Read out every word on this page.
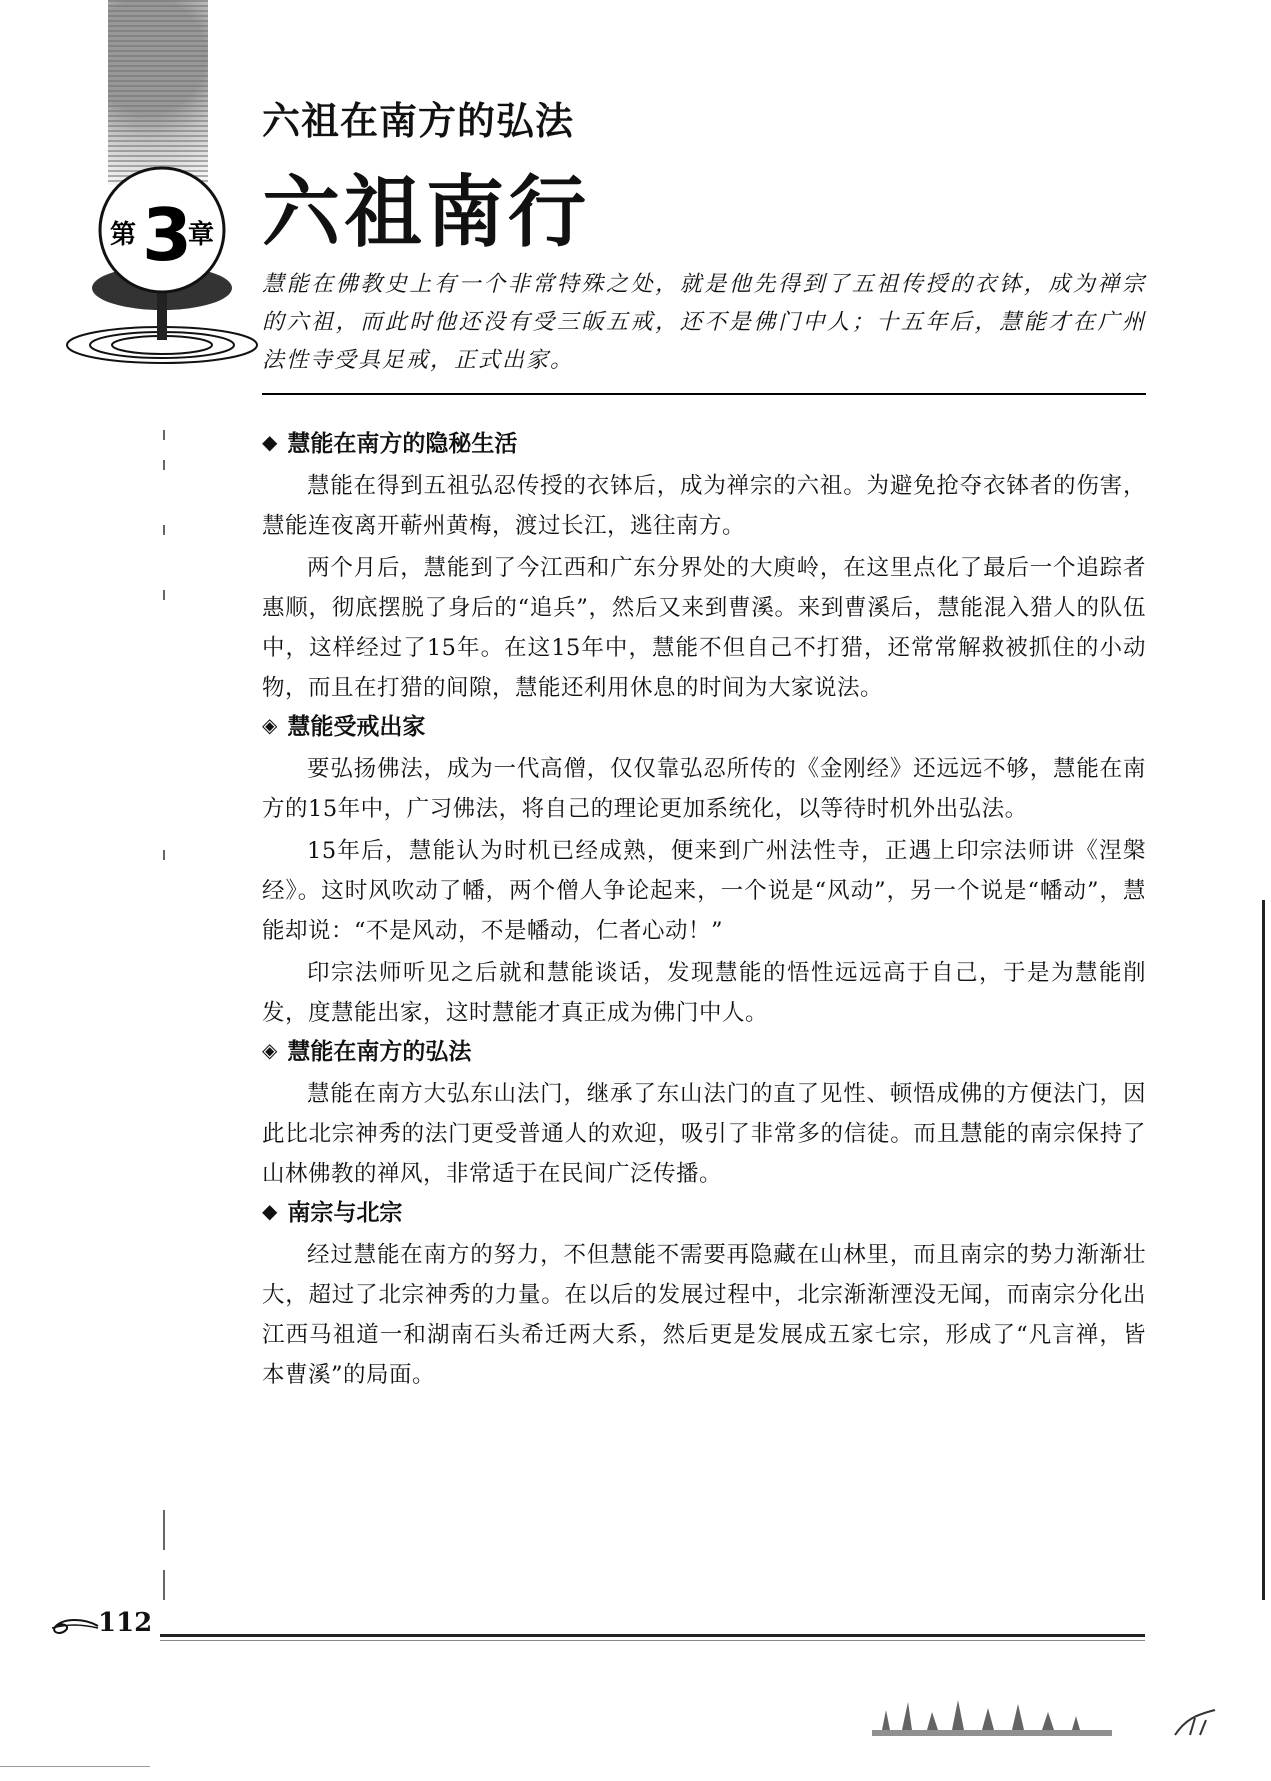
第 3
章
六祖在南方的弘法
六祖南行

慧能在佛教史上有一个非常特殊之处，就是他先得到了五祖传授的衣钵，成为禅宗的六祖，而此时他还没有受三皈五戒，还不是佛门中人；十五年后，慧能才在广州法性寺受具足戒，正式出家。

◆ 慧能在南方的隐秘生活

慧能在得到五祖弘忍传授的衣钵后，成为禅宗的六祖。为避免抢夺衣钵者的伤害，慧能连夜离开蕲州黄梅，渡过长江，逃往南方。

两个月后，慧能到了今江西和广东分界处的大庾岭，在这里点化了最后一个追踪者惠顺，彻底摆脱了身后的“追兵”，然后又来到曹溪。来到曹溪后，慧能混入猎人的队伍中，这样经过了15年。在这15年中，慧能不但自己不打猎，还常常解救被抓住的小动物，而且在打猎的间隙，慧能还利用休息的时间为大家说法。

◈ 慧能受戒出家

要弘扬佛法，成为一代高僧，仅仅靠弘忍所传的《金刚经》还远远不够，慧能在南方的15年中，广习佛法，将自己的理论更加系统化，以等待时机外出弘法。

15年后，慧能认为时机已经成熟，便来到广州法性寺，正遇上印宗法师讲《涅槃经》。这时风吹动了幡，两个僧人争论起来，一个说是“风动”，另一个说是“幡动”，慧能却说：“不是风动，不是幡动，仁者心动！”

印宗法师听见之后就和慧能谈话，发现慧能的悟性远远高于自己，于是为慧能削发，度慧能出家，这时慧能才真正成为佛门中人。

◈ 慧能在南方的弘法

慧能在南方大弘东山法门，继承了东山法门的直了见性、顿悟成佛的方便法门，因此比北宗神秀的法门更受普通人的欢迎，吸引了非常多的信徒。而且慧能的南宗保持了山林佛教的禅风，非常适于在民间广泛传播。

◆ 南宗与北宗

经过慧能在南方的努力，不但慧能不需要再隐藏在山林里，而且南宗的势力渐渐壮大，超过了北宗神秀的力量。在以后的发展过程中，北宗渐渐湮没无闻，而南宗分化出江西马祖道一和湖南石头希迁两大系，然后更是发展成五家七宗，形成了“凡言禅，皆本曹溪”的局面。

112
